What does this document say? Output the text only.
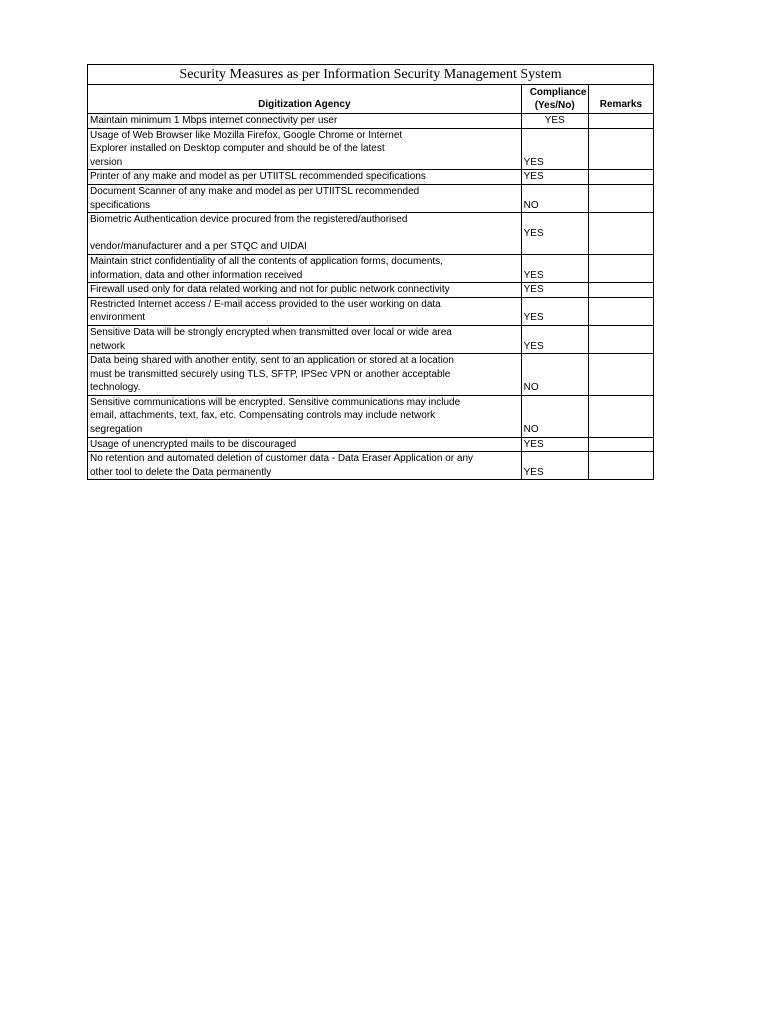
Security Measures as per Information Security Management System		
Digitization Agency	Compliance (Yes/No)	Remarks
Maintain minimum 1 Mbps internet connectivity per user	YES	
Usage of Web Browser like Mozilla Firefox, Google Chrome or Internet
Explorer installed on Desktop computer and should be of the latest
version	YES	
Printer of any make and model as per UTIITSL recommended specifications	YES	
Document Scanner of any make and model as per UTIITSL recommended
specifications	NO	
Biometric Authentication device procured from the registered/authorised

vendor/manufacturer and a per STQC and UIDAI	YES	
Maintain strict confidentiality of all the contents of application forms, documents,
information, data and other information received	YES	
Firewall used only for data related working and not for public network connectivity	YES	
Restricted Internet access / E-mail access provided to the user working on data
environment	YES	
Sensitive Data will be strongly encrypted when transmitted over local or wide area
network	YES	
Data being shared with another entity, sent to an application or stored at a location
must be transmitted securely using TLS, SFTP, IPSec VPN or another acceptable
technology.	NO	
Sensitive communications will be encrypted. Sensitive communications may include
email, attachments, text, fax, etc. Compensating controls may include network
segregation	NO	
Usage of unencrypted mails to be discouraged	YES	
No retention and automated deletion of customer data - Data Eraser Application or any
other tool to delete the Data permanently	YES	
